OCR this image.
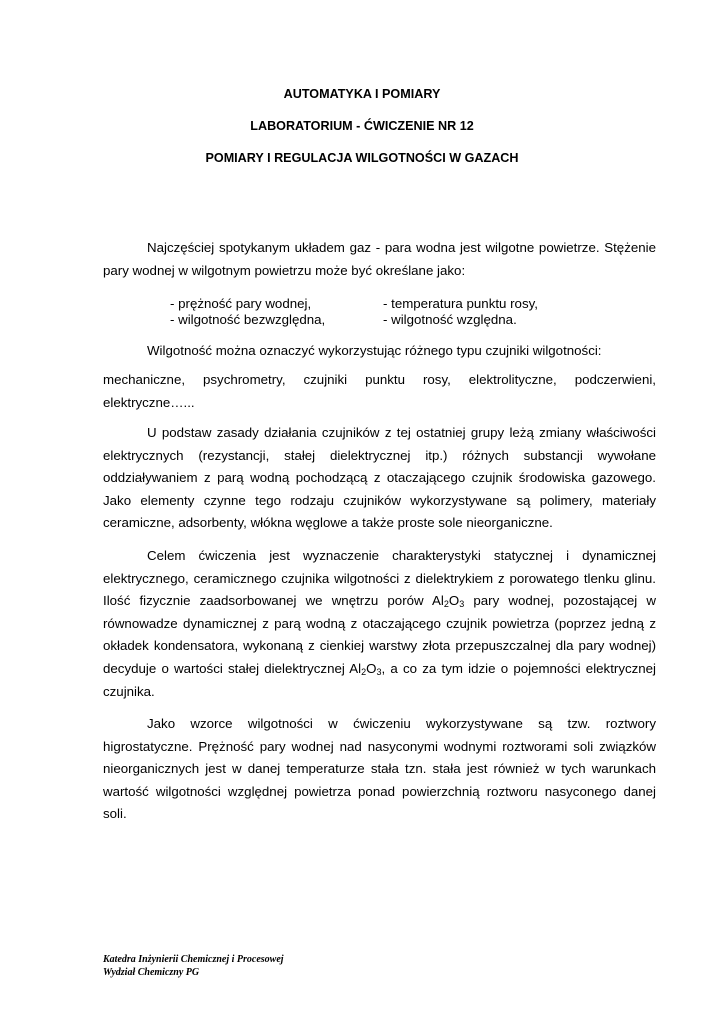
AUTOMATYKA I POMIARY

LABORATORIUM - ĆWICZENIE NR 12

POMIARY I REGULACJA WILGOTNOŚCI W GAZACH

Najczęściej spotykanym układem gaz - para wodna jest wilgotne powietrze. Stężenie pary wodnej w wilgotnym powietrzu może być określane jako:

- prężność pary wodnej,	- temperatura punktu rosy,
- wilgotność bezwzględna,	- wilgotność względna.

Wilgotność można oznaczyć wykorzystując różnego typu czujniki wilgotności:

mechaniczne, psychrometry, czujniki punktu rosy, elektrolityczne, podczerwieni, elektryczne…...

U podstaw zasady działania czujników z tej ostatniej grupy leżą zmiany właściwości elektrycznych (rezystancji, stałej dielektrycznej itp.) różnych substancji wywołane oddziaływaniem z parą wodną pochodzącą z otaczającego czujnik środowiska gazowego. Jako elementy czynne tego rodzaju czujników wykorzystywane są polimery, materiały ceramiczne, adsorbenty, włókna węglowe a także proste sole nieorganiczne.

Celem ćwiczenia jest wyznaczenie charakterystyki statycznej i dynamicznej elektrycznego, ceramicznego czujnika wilgotności z dielektrykiem z porowatego tlenku glinu. Ilość fizycznie zaadsorbowanej we wnętrzu porów $Al_2O_3$ pary wodnej, pozostającej w równowadze dynamicznej z parą wodną z otaczającego czujnik powietrza (poprzez jedną z okładek kondensatora, wykonaną z cienkiej warstwy złota przepuszczalnej dla pary wodnej) decyduje o wartości stałej dielektrycznej $Al_2O_3$, a co za tym idzie o pojemności elektrycznej czujnika.

Jako wzorce wilgotności w ćwiczeniu wykorzystywane są tzw. roztwory higrostatyczne. Prężność pary wodnej nad nasyconymi wodnymi roztworami soli związków nieorganicznych jest w danej temperaturze stała tzn. stała jest również w tych warunkach wartość wilgotności względnej powietrza ponad powierzchnią roztworu nasyconego danej soli.

Katedra Inżynierii Chemicznej i Procesowej
Wydział Chemiczny PG
